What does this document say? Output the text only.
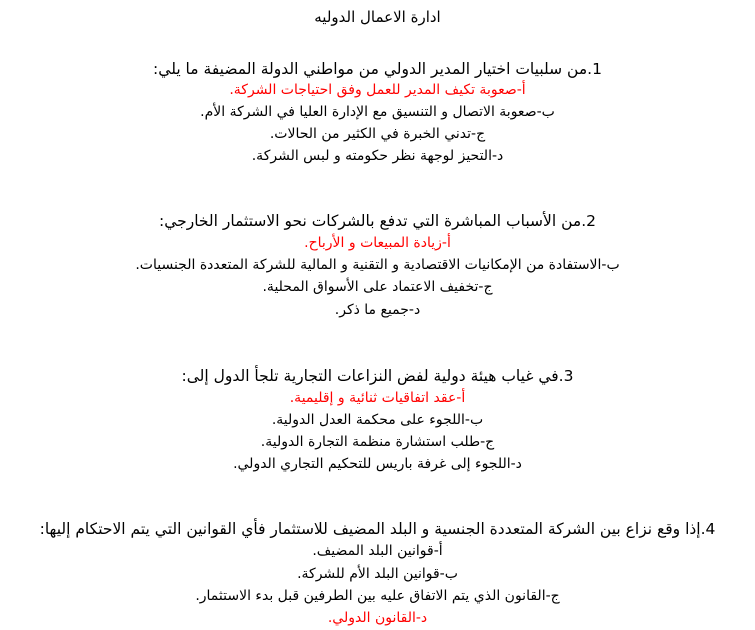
ادارة الاعمال الدوليه
1.من سلبيات اختيار المدير الدولي من مواطني الدولة المضيفة ما يلي:
أ-صعوبة تكيف المدير للعمل وفق احتياجات الشركة.
ب-صعوبة الاتصال و التنسيق مع الإدارة العليا في الشركة الأم.
ج-تدني الخبرة في الكثير من الحالات.
د-التحيز لوجهة نظر حكومته و لبس الشركة.
2.من الأسباب المباشرة التي تدفع بالشركات نحو الاستثمار الخارجي:
أ-زيادة المبيعات و الأرباح.
ب-الاستفادة من الإمكانيات الاقتصادية و التقنية و المالية للشركة المتعددة الجنسيات.
ج-تخفيف الاعتماد على الأسواق المحلية.
د-جميع ما ذكر.
3.في غياب هيئة دولية لفض النزاعات التجارية تلجأ الدول إلى:
أ-عقد اتفاقيات ثنائية و إقليمية.
ب-اللجوء على محكمة العدل الدولية.
ج-طلب استشارة منظمة التجارة الدولية.
د-اللجوء إلى غرفة باريس للتحكيم التجاري الدولي.
4.إذا وقع نزاع بين الشركة المتعددة الجنسية و البلد المضيف للاستثمار فأي القوانين التي يتم الاحتكام إليها:
أ-قوانين البلد المضيف.
ب-قوانين البلد الأم للشركة.
ج-القانون الذي يتم الاتفاق عليه بين الطرفين قبل بدء الاستثمار.
د-القانون الدولي.
